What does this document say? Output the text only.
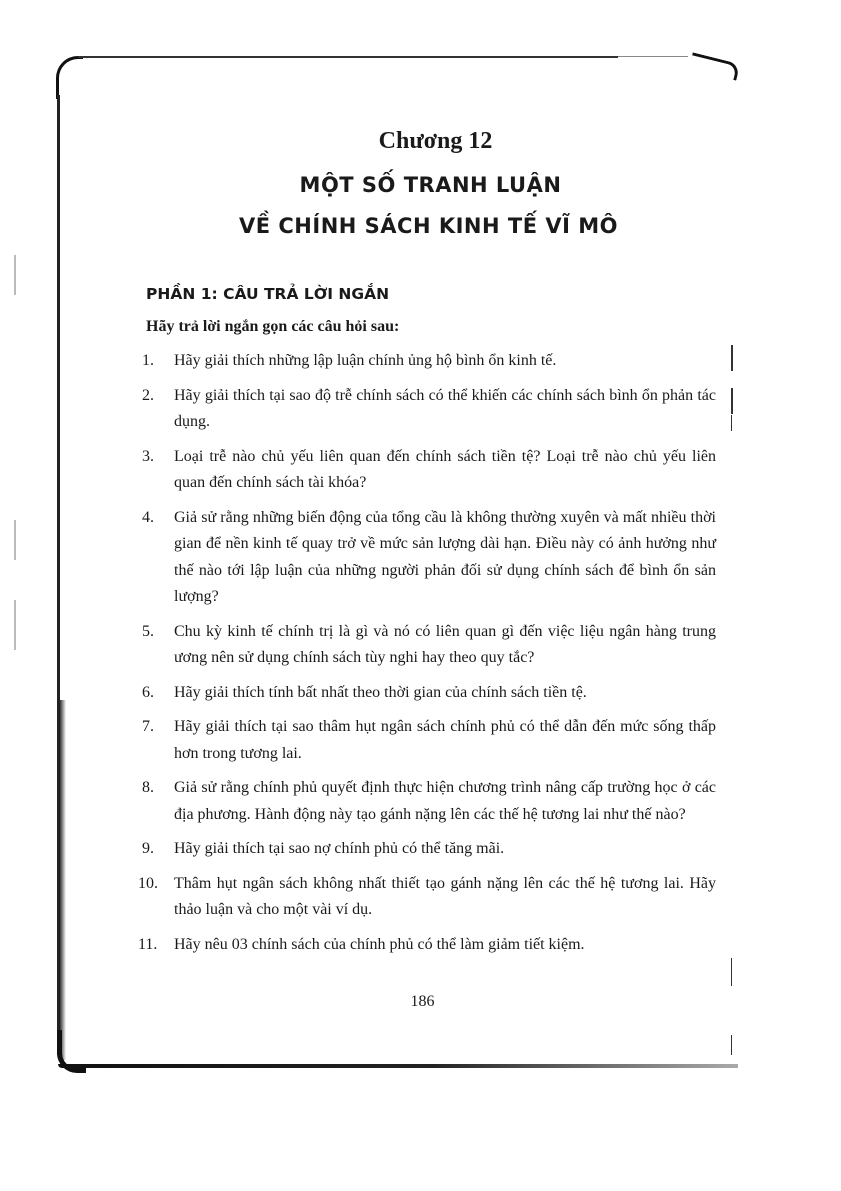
Chương 12
MỘT SỐ TRANH LUẬN
VỀ CHÍNH SÁCH KINH TẾ VĨ MÔ
PHẦN 1: CÂU TRẢ LỜI NGẮN
Hãy trả lời ngắn gọn các câu hỏi sau:
1. Hãy giải thích những lập luận chính ủng hộ bình ổn kinh tế.
2. Hãy giải thích tại sao độ trễ chính sách có thể khiến các chính sách bình ổn phản tác dụng.
3. Loại trễ nào chủ yếu liên quan đến chính sách tiền tệ? Loại trễ nào chủ yếu liên quan đến chính sách tài khóa?
4. Giả sử rằng những biến động của tổng cầu là không thường xuyên và mất nhiều thời gian để nền kinh tế quay trở về mức sản lượng dài hạn. Điều này có ảnh hưởng như thế nào tới lập luận của những người phản đối sử dụng chính sách để bình ổn sản lượng?
5. Chu kỳ kinh tế chính trị là gì và nó có liên quan gì đến việc liệu ngân hàng trung ương nên sử dụng chính sách tùy nghi hay theo quy tắc?
6. Hãy giải thích tính bất nhất theo thời gian của chính sách tiền tệ.
7. Hãy giải thích tại sao thâm hụt ngân sách chính phủ có thể dẫn đến mức sống thấp hơn trong tương lai.
8. Giả sử rằng chính phủ quyết định thực hiện chương trình nâng cấp trường học ở các địa phương. Hành động này tạo gánh nặng lên các thế hệ tương lai như thế nào?
9. Hãy giải thích tại sao nợ chính phủ có thể tăng mãi.
10. Thâm hụt ngân sách không nhất thiết tạo gánh nặng lên các thế hệ tương lai. Hãy thảo luận và cho một vài ví dụ.
11. Hãy nêu 03 chính sách của chính phủ có thể làm giảm tiết kiệm.
186
